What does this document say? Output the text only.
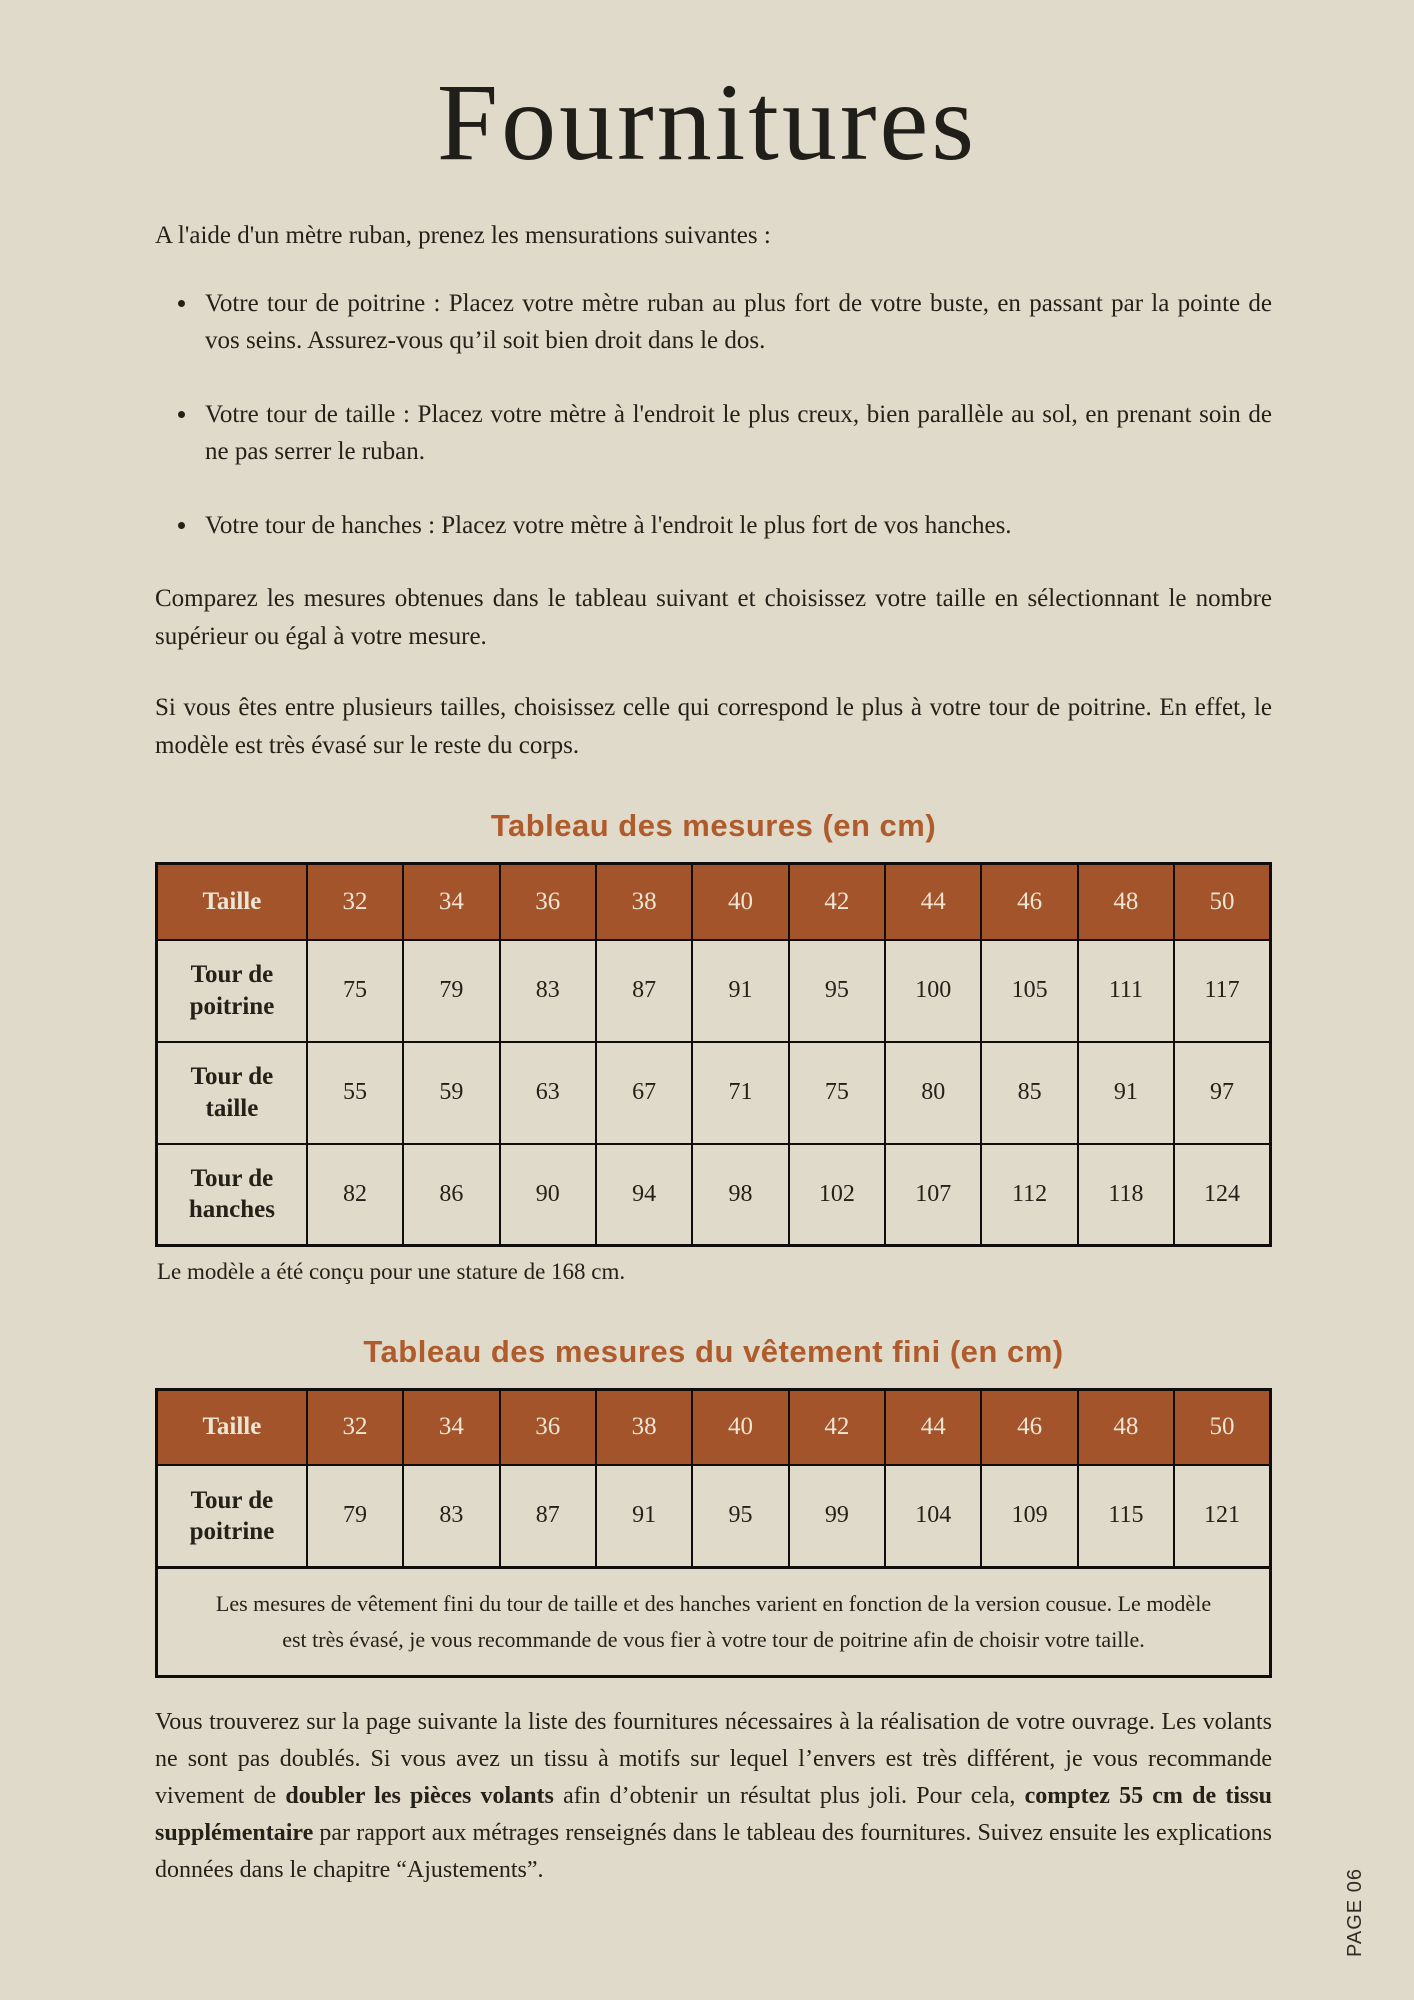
Fournitures

A l'aide d'un mètre ruban, prenez les mensurations suivantes :

• Votre tour de poitrine : Placez votre mètre ruban au plus fort de votre buste, en passant par la pointe de vos seins. Assurez-vous qu’il soit bien droit dans le dos.
• Votre tour de taille : Placez votre mètre à l'endroit le plus creux, bien parallèle au sol, en prenant soin de ne pas serrer le ruban.
• Votre tour de hanches : Placez votre mètre à l'endroit le plus fort de vos hanches.

Comparez les mesures obtenues dans le tableau suivant et choisissez votre taille en sélectionnant le nombre supérieur ou égal à votre mesure.

Si vous êtes entre plusieurs tailles, choisissez celle qui correspond le plus à votre tour de poitrine. En effet, le modèle est très évasé sur le reste du corps.

Tableau des mesures (en cm)
Taille	32	34	36	38	40	42	44	46	48	50
Tour de poitrine	75	79	83	87	91	95	100	105	111	117
Tour de taille	55	59	63	67	71	75	80	85	91	97
Tour de hanches	82	86	90	94	98	102	107	112	118	124

Le modèle a été conçu pour une stature de 168 cm.

Tableau des mesures du vêtement fini (en cm)
Taille	32	34	36	38	40	42	44	46	48	50
Tour de poitrine	79	83	87	91	95	99	104	109	115	121

Les mesures de vêtement fini du tour de taille et des hanches varient en fonction de la version cousue. Le modèle est très évasé, je vous recommande de vous fier à votre tour de poitrine afin de choisir votre taille.

Vous trouverez sur la page suivante la liste des fournitures nécessaires à la réalisation de votre ouvrage. Les volants ne sont pas doublés. Si vous avez un tissu à motifs sur lequel l’envers est très différent, je vous recommande vivement de doubler les pièces volants afin d’obtenir un résultat plus joli. Pour cela, comptez 55 cm de tissu supplémentaire par rapport aux métrages renseignés dans le tableau des fournitures. Suivez ensuite les explications données dans le chapitre “Ajustements”.	PAGE 06
